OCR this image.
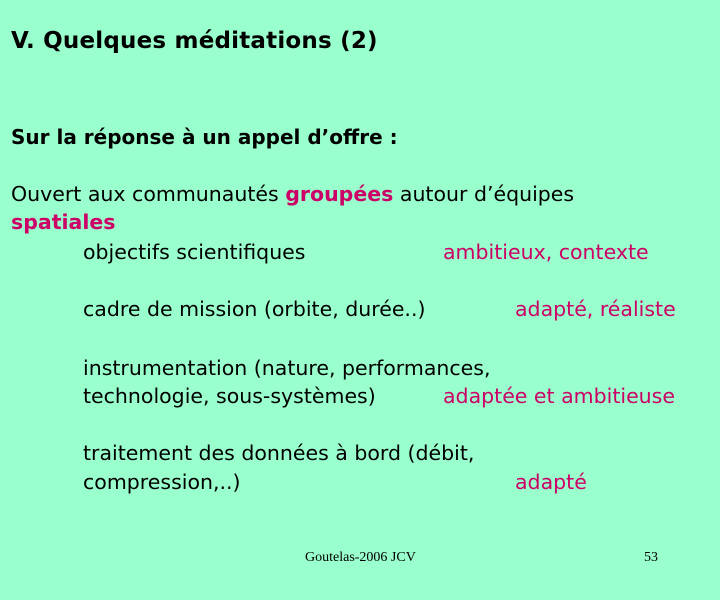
V. Quelques méditations (2)
Sur la réponse à un appel d’offre :
Ouvert aux communautés groupées autour d’équipes
spatiales
objectifs scientifiques	ambitieux, contexte
cadre de mission (orbite, durée..)	adapté, réaliste
instrumentation (nature, performances,
technologie, sous-systèmes)	adaptée et ambitieuse
traitement des données à bord (débit,
compression,..)	adapté
Goutelas-2006 JCV	53
